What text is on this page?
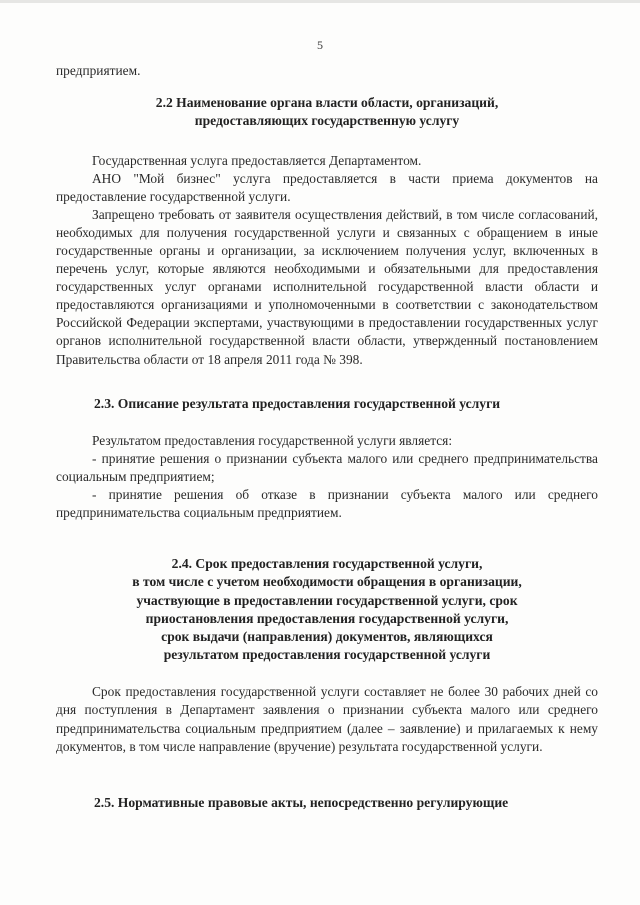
5

предприятием.

2.2 Наименование органа власти области, организаций,
предоставляющих государственную услугу

Государственная услуга предоставляется Департаментом.

АНО "Мой бизнес" услуга предоставляется в части приема документов на предоставление государственной услуги.

Запрещено требовать от заявителя осуществления действий, в том числе согласований, необходимых для получения государственной услуги и связанных с обращением в иные государственные органы и организации, за исключением получения услуг, включенных в перечень услуг, которые являются необходимыми и обязательными для предоставления государственных услуг органами исполнительной государственной власти области и предоставляются организациями и уполномоченными в соответствии с законодательством Российской Федерации экспертами, участвующими в предоставлении государственных услуг органов исполнительной государственной власти области, утвержденный постановлением Правительства области от 18 апреля 2011 года № 398.

2.3. Описание результата предоставления государственной услуги

Результатом предоставления государственной услуги является:

- принятие решения о признании субъекта малого или среднего предпринимательства социальным предприятием;

- принятие решения об отказе в признании субъекта малого или среднего предпринимательства социальным предприятием.

2.4. Срок предоставления государственной услуги,
в том числе с учетом необходимости обращения в организации,
участвующие в предоставлении государственной услуги, срок
приостановления предоставления государственной услуги,
срок выдачи (направления) документов, являющихся
результатом предоставления государственной услуги

Срок предоставления государственной услуги составляет не более 30 рабочих дней со дня поступления в Департамент заявления о признании субъекта малого или среднего предпринимательства социальным предприятием (далее – заявление) и прилагаемых к нему документов, в том числе направление (вручение) результата государственной услуги.

2.5. Нормативные правовые акты, непосредственно регулирующие
